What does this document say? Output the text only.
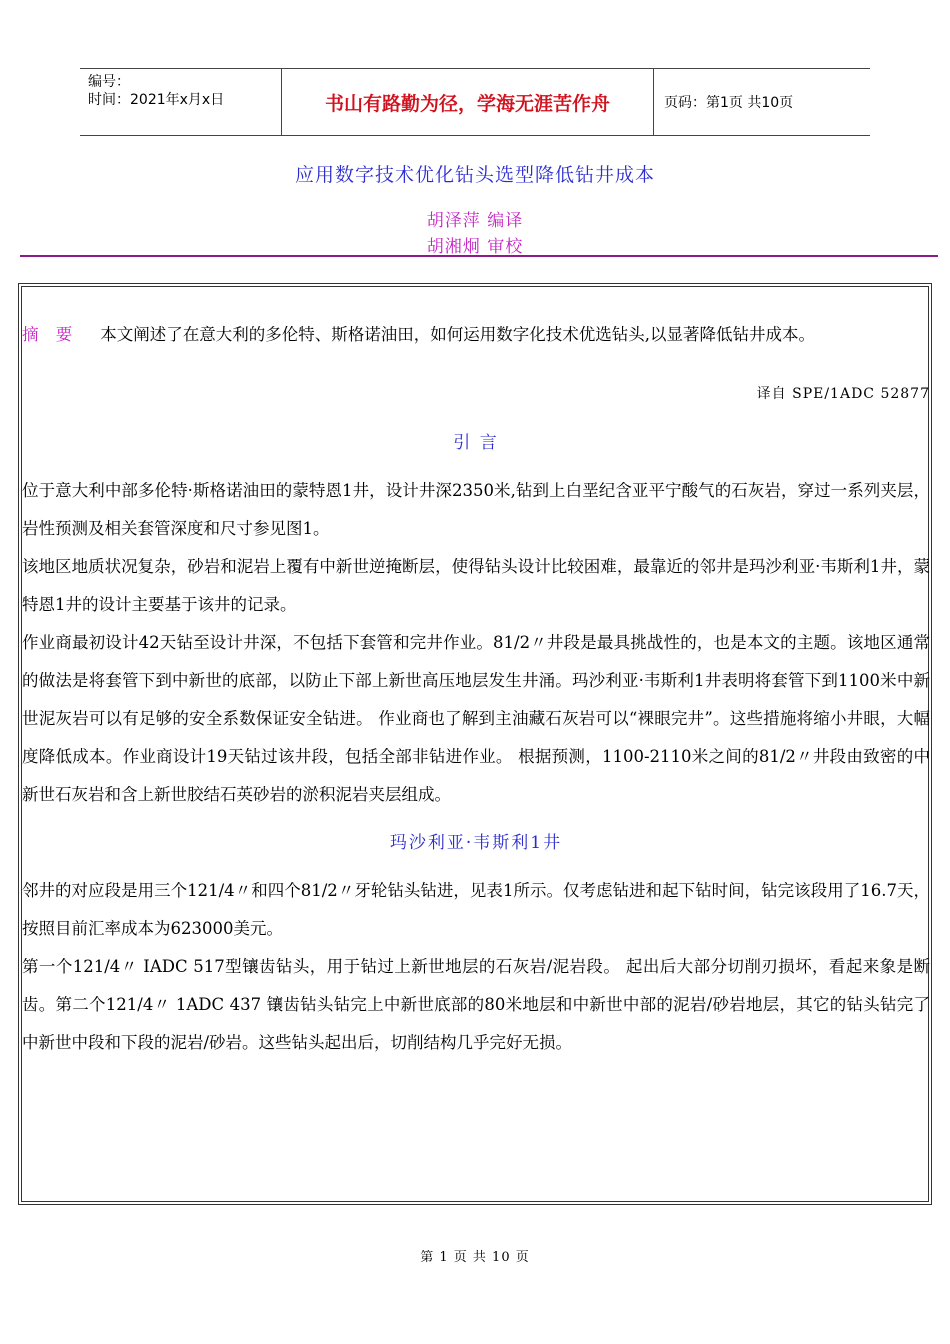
编号：
时间：2021年x月x日	书山有路勤为径，学海无涯苦作舟	页码：第1页 共10页
应用数字技术优化钻头选型降低钻井成本
胡泽萍 编译
胡湘炯 审校

摘 要 本文阐述了在意大利的多伦特、斯格诺油田，如何运用数字化技术优选钻头,以显著降低钻井成本。

译自 SPE/1ADC 52877

引 言

位于意大利中部多伦特·斯格诺油田的蒙特恩1井，设计井深2350米,钻到上白垩纪含亚平宁酸气的石灰岩，穿过一系列夹层，岩性预测及相关套管深度和尺寸参见图1。

该地区地质状况复杂，砂岩和泥岩上覆有中新世逆掩断层，使得钻头设计比较困难，最靠近的邻井是玛沙利亚·韦斯利1井，蒙特恩1井的设计主要基于该井的记录。

作业商最初设计42天钻至设计井深，不包括下套管和完井作业。81/2〃井段是最具挑战性的，也是本文的主题。该地区通常的做法是将套管下到中新世的底部，以防止下部上新世高压地层发生井涌。玛沙利亚·韦斯利1井表明将套管下到1100米中新世泥灰岩可以有足够的安全系数保证安全钻进。 作业商也了解到主油藏石灰岩可以“裸眼完井”。这些措施将缩小井眼，大幅度降低成本。作业商设计19天钻过该井段，包括全部非钻进作业。 根据预测，1100-2110米之间的81/2〃井段由致密的中新世石灰岩和含上新世胶结石英砂岩的淤积泥岩夹层组成。

玛沙利亚·韦斯利1井

邻井的对应段是用三个121/4〃和四个81/2〃牙轮钻头钻进，见表1所示。仅考虑钻进和起下钻时间，钻完该段用了16.7天，按照目前汇率成本为623000美元。

第一个121/4〃 IADC 517型镶齿钻头，用于钻过上新世地层的石灰岩/泥岩段。 起出后大部分切削刃损坏，看起来象是断齿。第二个121/4〃 1ADC 437 镶齿钻头钻完上中新世底部的80米地层和中新世中部的泥岩/砂岩地层，其它的钻头钻完了中新世中段和下段的泥岩/砂岩。这些钻头起出后，切削结构几乎完好无损。

第 1 页 共 10 页
